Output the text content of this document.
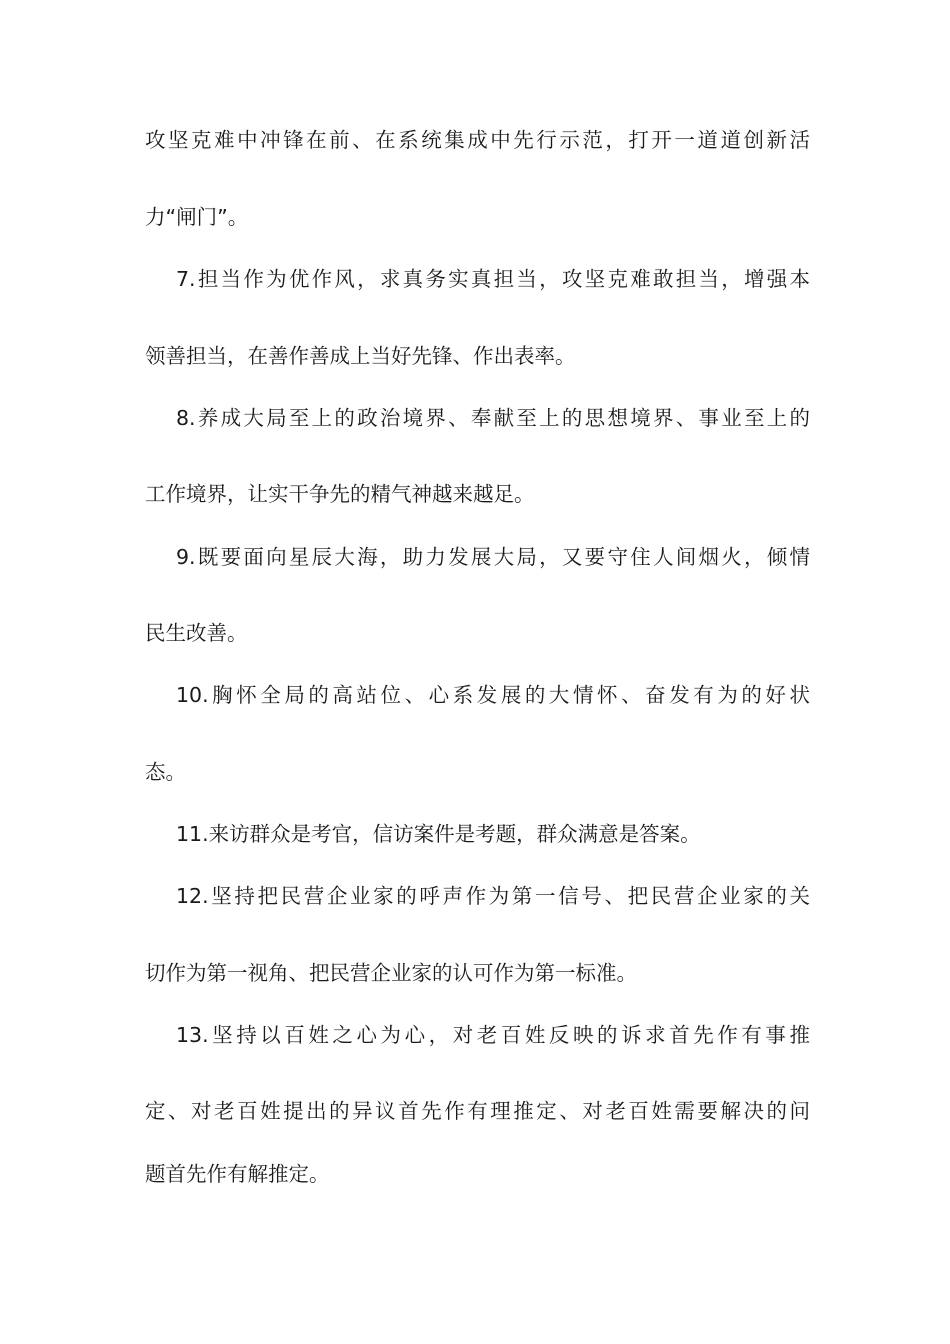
攻坚克难中冲锋在前、在系统集成中先行示范，打开一道道创新活
力“闸门”。
7.担当作为优作风，求真务实真担当，攻坚克难敢担当，增强本
领善担当，在善作善成上当好先锋、作出表率。
8.养成大局至上的政治境界、奉献至上的思想境界、事业至上的
工作境界，让实干争先的精气神越来越足。
9.既要面向星辰大海，助力发展大局，又要守住人间烟火，倾情
民生改善。
10.胸怀全局的高站位、心系发展的大情怀、奋发有为的好状
态。
11.来访群众是考官，信访案件是考题，群众满意是答案。
12.坚持把民营企业家的呼声作为第一信号、把民营企业家的关
切作为第一视角、把民营企业家的认可作为第一标准。
13.坚持以百姓之心为心，对老百姓反映的诉求首先作有事推
定、对老百姓提出的异议首先作有理推定、对老百姓需要解决的问
题首先作有解推定。
